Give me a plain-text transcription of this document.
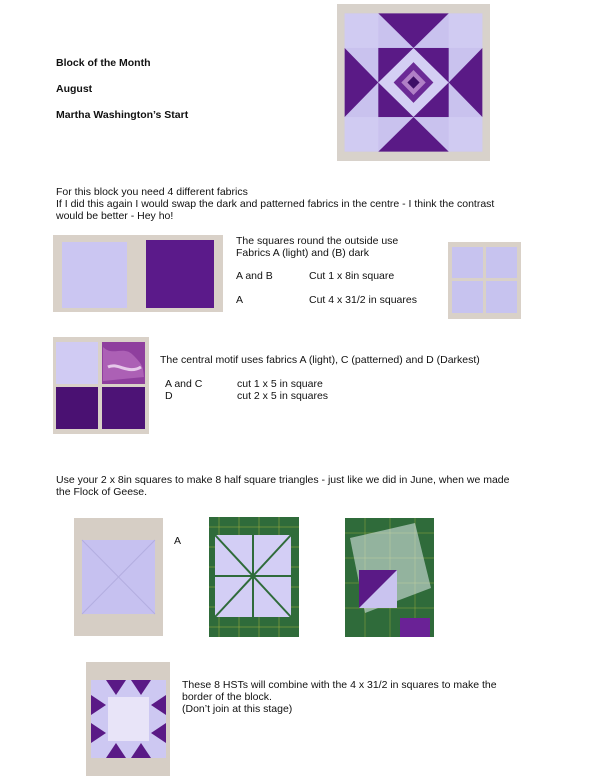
Block of the Month
August
Martha Washington’s Start
For this block you need 4 different fabrics
If I did this again I would swap the dark and patterned fabrics in the centre - I think the contrast
would be better - Hey ho!
The squares round the outside use
Fabrics A (light) and (B) dark
A and B	Cut 1 x 8in square
A	Cut 4 x 31/2 in squares
The central motif uses fabrics A (light), C (patterned) and D (Darkest)
A and C	cut 1 x 5 in square
D	cut 2 x 5 in squares
Use your 2 x 8in squares to make 8 half square triangles - just like we did in June, when we made
the Flock of Geese.
A
These 8 HSTs will combine with the 4 x 31/2 in squares to make the
border of the block.
(Don’t join at this stage)
